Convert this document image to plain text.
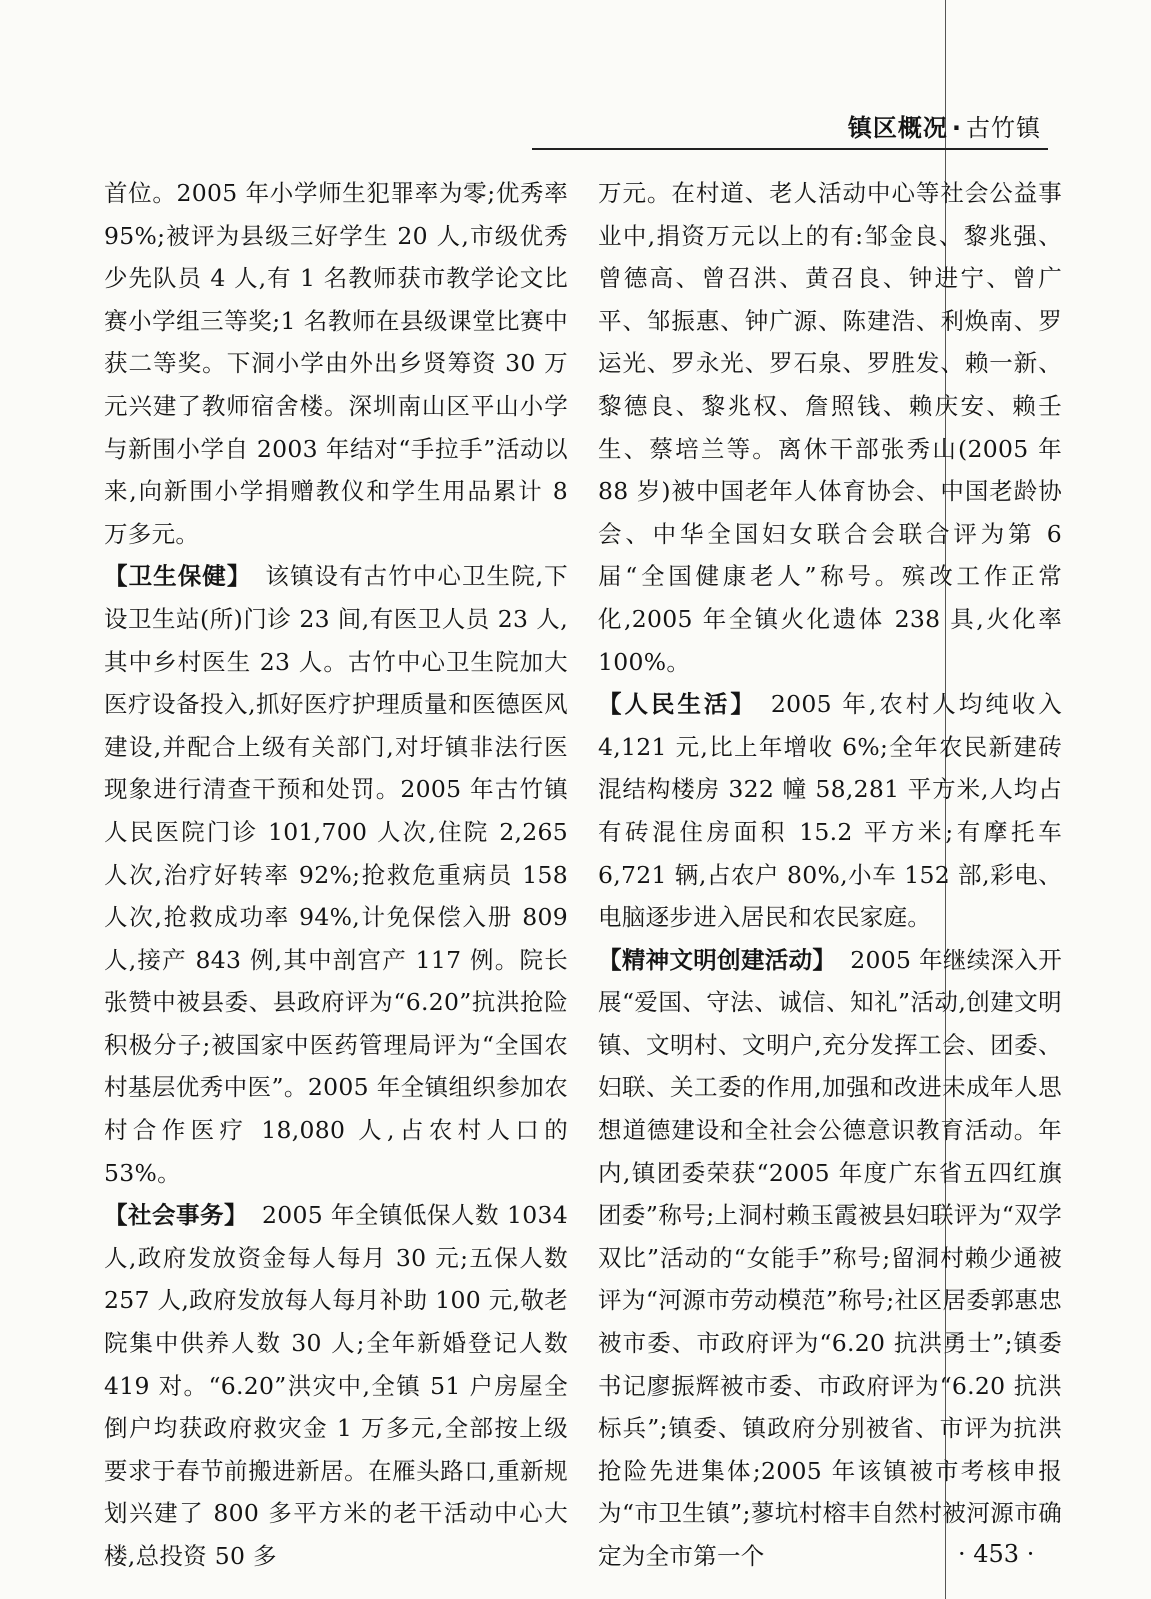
镇区概况 · 古竹镇

首位。2005 年小学师生犯罪率为零;优秀率95%;被评为县级三好学生 20 人,市级优秀少先队员 4 人,有 1 名教师获市教学论文比赛小学组三等奖;1 名教师在县级课堂比赛中获二等奖。下洞小学由外出乡贤筹资 30 万元兴建了教师宿舍楼。深圳南山区平山小学与新围小学自 2003 年结对“手拉手”活动以来,向新围小学捐赠教仪和学生用品累计 8 万多元。

【卫生保健】 该镇设有古竹中心卫生院,下设卫生站(所)门诊 23 间,有医卫人员 23 人,其中乡村医生 23 人。古竹中心卫生院加大医疗设备投入,抓好医疗护理质量和医德医风建设,并配合上级有关部门,对圩镇非法行医现象进行清查干预和处罚。2005 年古竹镇人民医院门诊 101,700 人次,住院 2,265 人次,治疗好转率 92%;抢救危重病员 158 人次,抢救成功率 94%,计免保偿入册 809 人,接产 843 例,其中剖宫产 117 例。院长张赞中被县委、县政府评为“6.20”抗洪抢险积极分子;被国家中医药管理局评为“全国农村基层优秀中医”。2005 年全镇组织参加农村合作医疗 18,080 人,占农村人口的 53%。

【社会事务】 2005 年全镇低保人数 1034 人,政府发放资金每人每月 30 元;五保人数 257 人,政府发放每人每月补助 100 元,敬老院集中供养人数 30 人;全年新婚登记人数 419 对。“6.20”洪灾中,全镇 51 户房屋全倒户均获政府救灾金 1 万多元,全部按上级要求于春节前搬进新居。在雁头路口,重新规划兴建了 800 多平方米的老干活动中心大楼,总投资 50 多

万元。在村道、老人活动中心等社会公益事业中,捐资万元以上的有:邹金良、黎兆强、曾德高、曾召洪、黄召良、钟进宁、曾广平、邹振惠、钟广源、陈建浩、利焕南、罗运光、罗永光、罗石泉、罗胜发、赖一新、黎德良、黎兆权、詹照钱、赖庆安、赖壬生、蔡培兰等。离休干部张秀山(2005 年 88 岁)被中国老年人体育协会、中国老龄协会、中华全国妇女联合会联合评为第 6 届“全国健康老人”称号。殡改工作正常化,2005 年全镇火化遗体 238 具,火化率 100%。

【人民生活】 2005 年,农村人均纯收入 4,121 元,比上年增收 6%;全年农民新建砖混结构楼房 322 幢 58,281 平方米,人均占有砖混住房面积 15.2 平方米;有摩托车 6,721 辆,占农户 80%,小车 152 部,彩电、电脑逐步进入居民和农民家庭。

【精神文明创建活动】 2005 年继续深入开展“爱国、守法、诚信、知礼”活动,创建文明镇、文明村、文明户,充分发挥工会、团委、妇联、关工委的作用,加强和改进未成年人思想道德建设和全社会公德意识教育活动。年内,镇团委荣获“2005 年度广东省五四红旗团委”称号;上洞村赖玉霞被县妇联评为“双学双比”活动的“女能手”称号;留洞村赖少通被评为“河源市劳动模范”称号;社区居委郭惠忠被市委、市政府评为“6.20 抗洪勇士”;镇委书记廖振辉被市委、市政府评为“6.20 抗洪标兵”;镇委、镇政府分别被省、市评为抗洪抢险先进集体;2005 年该镇被市考核申报为“市卫生镇”;蓼坑村榕丰自然村被河源市确定为全市第一个	· 453 ·
